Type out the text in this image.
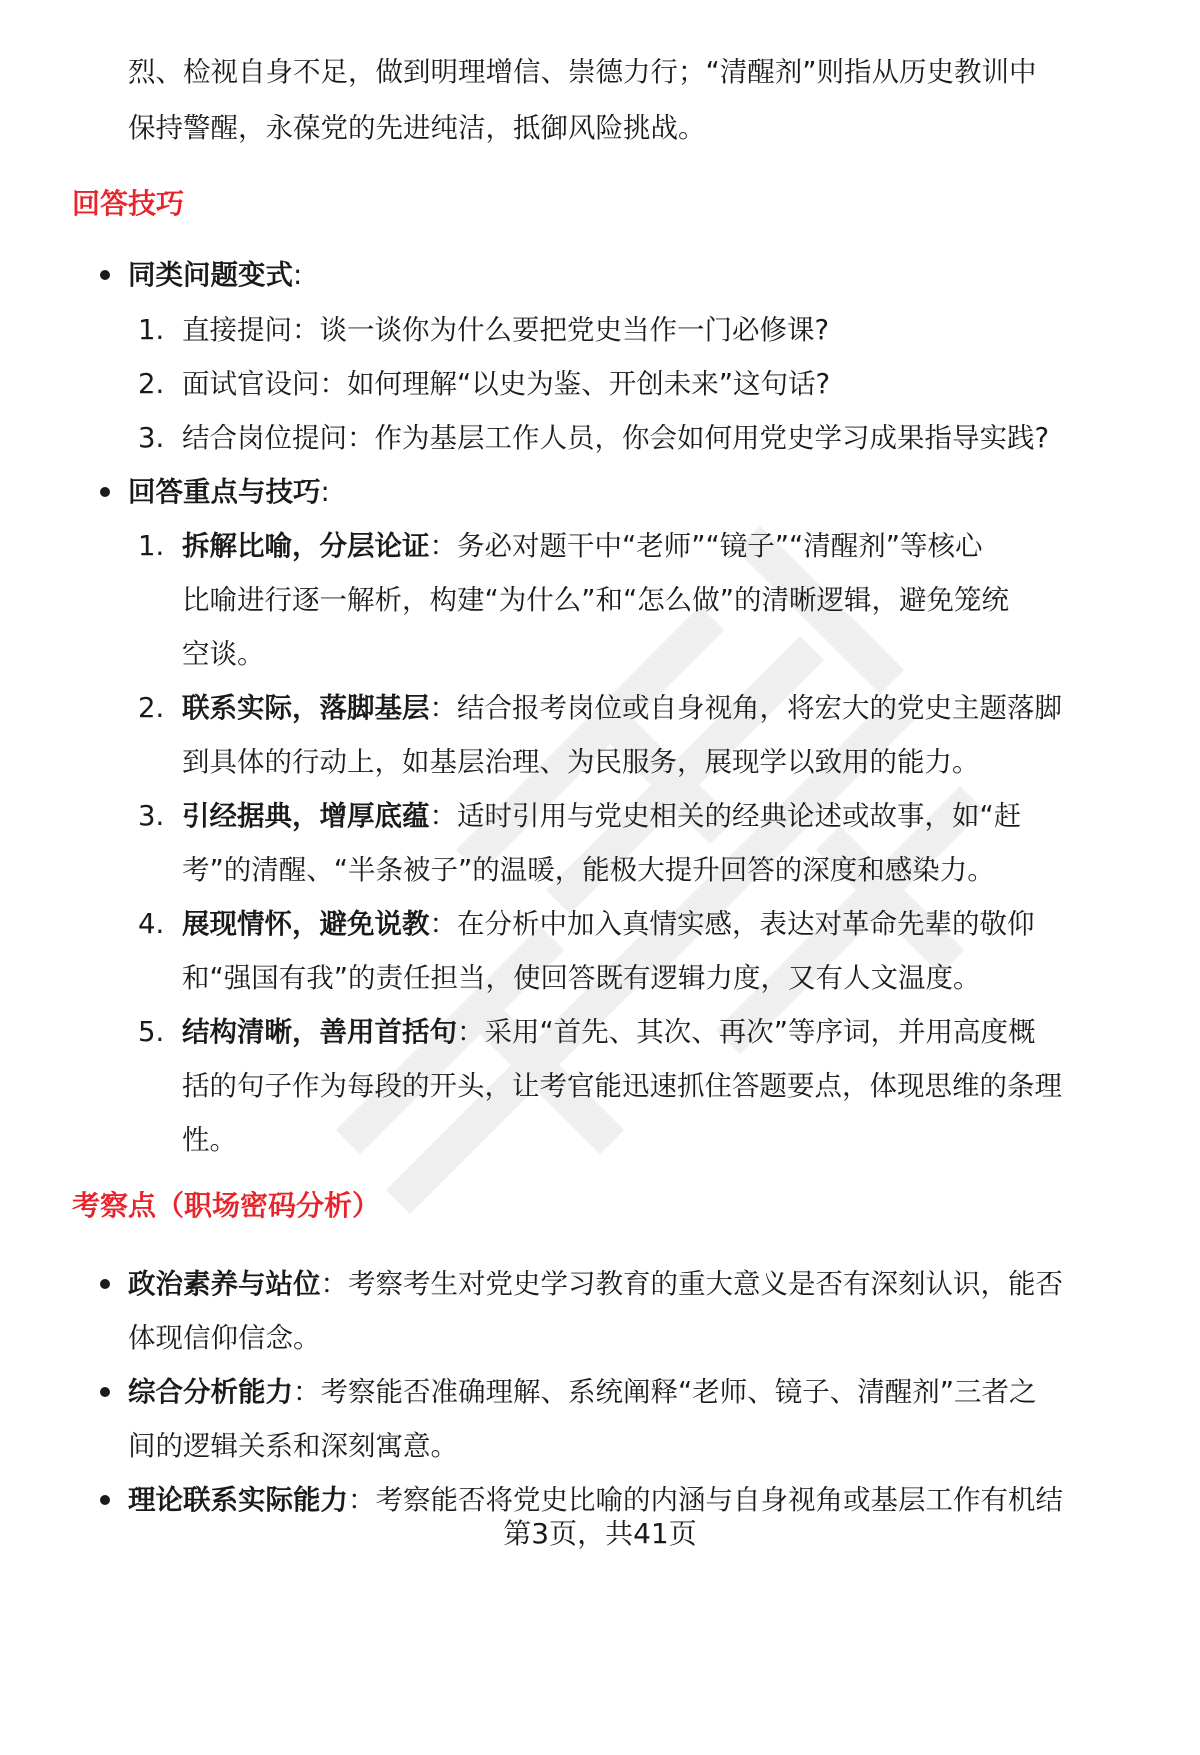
烈、检视自身不足，做到明理增信、崇德力行；“清醒剂”则指从历史教训中

保持警醒，永葆党的先进纯洁，抵御风险挑战。

回答技巧

同类问题变式:

1. 直接提问：谈一谈你为什么要把党史当作一门必修课?

2. 面试官设问：如何理解“以史为鉴、开创未来”这句话?

3. 结合岗位提问：作为基层工作人员，你会如何用党史学习成果指导实践?

回答重点与技巧:

1. 拆解比喻，分层论证：务必对题干中“老师”“镜子”“清醒剂”等核心

比喻进行逐一解析，构建“为什么”和“怎么做”的清晰逻辑，避免笼统

空谈。

2. 联系实际，落脚基层：结合报考岗位或自身视角，将宏大的党史主题落脚

到具体的行动上，如基层治理、为民服务，展现学以致用的能力。

3. 引经据典，增厚底蕴：适时引用与党史相关的经典论述或故事，如“赶

考”的清醒、“半条被子”的温暖，能极大提升回答的深度和感染力。

4. 展现情怀，避免说教：在分析中加入真情实感，表达对革命先辈的敬仰

和“强国有我”的责任担当，使回答既有逻辑力度，又有人文温度。

5. 结构清晰，善用首括句：采用“首先、其次、再次”等序词，并用高度概

括的句子作为每段的开头，让考官能迅速抓住答题要点，体现思维的条理

性。

考察点（职场密码分析）

政治素养与站位：考察考生对党史学习教育的重大意义是否有深刻认识，能否

体现信仰信念。

综合分析能力：考察能否准确理解、系统阐释“老师、镜子、清醒剂”三者之

间的逻辑关系和深刻寓意。

理论联系实际能力：考察能否将党史比喻的内涵与自身视角或基层工作有机结

第3页，共41页
